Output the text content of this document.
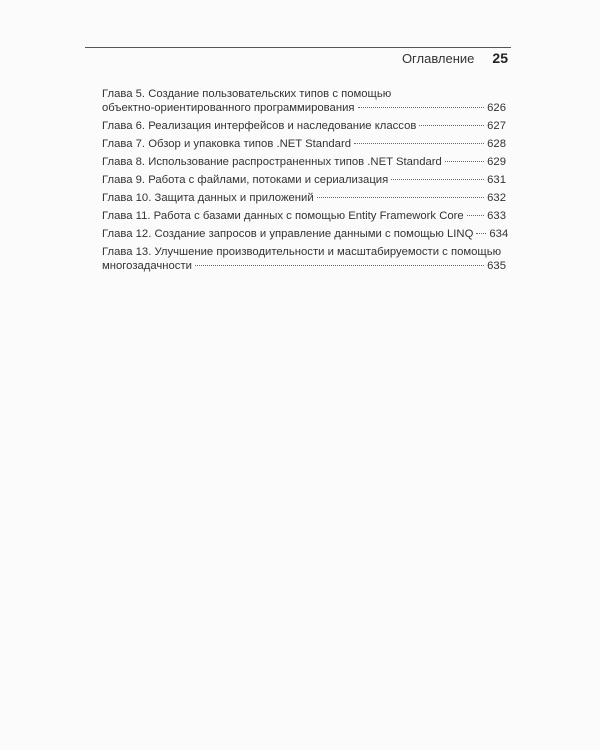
Оглавление 25
Глава 5. Создание пользовательских типов с помощью
объектно-ориентированного программирования	626
Глава 6. Реализация интерфейсов и наследование классов	627
Глава 7. Обзор и упаковка типов .NET Standard	628
Глава 8. Использование распространенных типов .NET Standard	629
Глава 9. Работа с файлами, потоками и сериализация	631
Глава 10. Защита данных и приложений	632
Глава 11. Работа с базами данных с помощью Entity Framework Core 633
Глава 12. Создание запросов и управление данными с помощью LINQ 634
Глава 13. Улучшение производительности и масштабируемости с помощью
многозадачности	635
